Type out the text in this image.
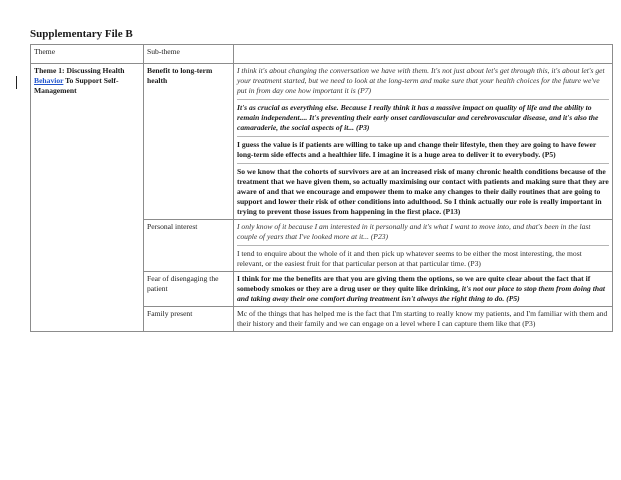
Supplementary File B
Theme	Sub-theme	
Theme 1: Discussing Health Behavior To Support Self-Management	Benefit to long-term health	I think it's about changing the conversation we have with them. It's not just about let's get through this, it's about let's get your treatment started, but we need to look at the long-term and make sure that your health choices for the future we've put in from day one how important it is (P7)
It's as crucial as everything else. Because I really think it has a massive impact on quality of life and the ability to remain independent.... It's preventing their early onset cardiovascular and cerebrovascular disease, and it's also the camaraderie, the social aspects of it... (P3)
I guess the value is if patients are willing to take up and change their lifestyle, then they are going to have fewer long-term side effects and a healthier life. I imagine it is a huge area to deliver it to everybody. (P5)
So we know that the cohorts of survivors are at an increased risk of many chronic health conditions because of the treatment that we have given them, so actually maximising our contact with patients and making sure that they are aware of and that we encourage and empower them to make any changes to their daily routines that are going to support and lower their risk of other conditions into adulthood. So I think actually our role is really important in trying to prevent those issues from happening in the first place. (P13)

	Personal interest	I only know of it because I am interested in it personally and it's what I want to move into, and that's been in the last couple of years that I've looked more at it... (P23)
I tend to enquire about the whole of it and then pick up whatever seems to be either the most interesting, the most relevant, or the easiest fruit for that particular person at that particular time. (P3)

	Fear of disengaging the patient	I think for me the benefits are that you are giving them the options, so we are quite clear about the fact that if somebody smokes or they are a drug user or they quite like drinking, it's not our place to stop them from doing that and taking away their one comfort during treatment isn't always the right thing to do. (P5)

	Family present	Mc of the things that has helped me is the fact that I'm starting to really know my patients, and I'm familiar with them and their history and their family and we can engage on a level where I can capture them like that (P3)
